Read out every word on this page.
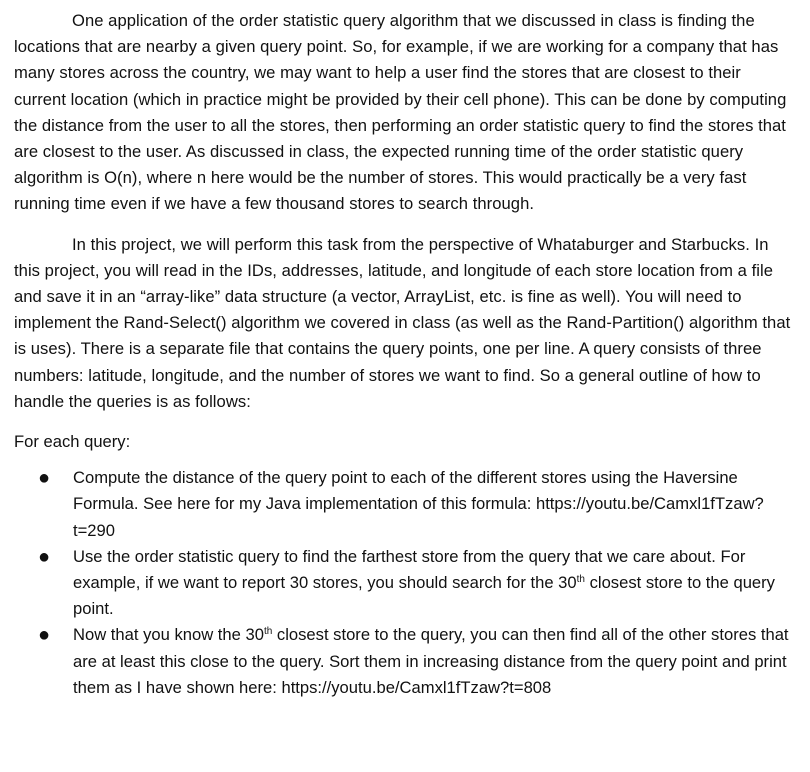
One application of the order statistic query algorithm that we discussed in class is finding the locations that are nearby a given query point. So, for example, if we are working for a company that has many stores across the country, we may want to help a user find the stores that are closest to their current location (which in practice might be provided by their cell phone). This can be done by computing the distance from the user to all the stores, then performing an order statistic query to find the stores that are closest to the user. As discussed in class, the expected running time of the order statistic query algorithm is O(n), where n here would be the number of stores. This would practically be a very fast running time even if we have a few thousand stores to search through.

In this project, we will perform this task from the perspective of Whataburger and Starbucks. In this project, you will read in the IDs, addresses, latitude, and longitude of each store location from a file and save it in an “array-like” data structure (a vector, ArrayList, etc. is fine as well). You will need to implement the Rand-Select() algorithm we covered in class (as well as the Rand-Partition() algorithm that is uses). There is a separate file that contains the query points, one per line. A query consists of three numbers: latitude, longitude, and the number of stores we want to find. So a general outline of how to handle the queries is as follows:

For each query:

● Compute the distance of the query point to each of the different stores using the Haversine Formula. See here for my Java implementation of this formula: https://youtu.be/Camxl1fTzaw?t=290
● Use the order statistic query to find the farthest store from the query that we care about. For example, if we want to report 30 stores, you should search for the 30th closest store to the query point.
● Now that you know the 30th closest store to the query, you can then find all of the other stores that are at least this close to the query. Sort them in increasing distance from the query point and print them as I have shown here: https://youtu.be/Camxl1fTzaw?t=808
